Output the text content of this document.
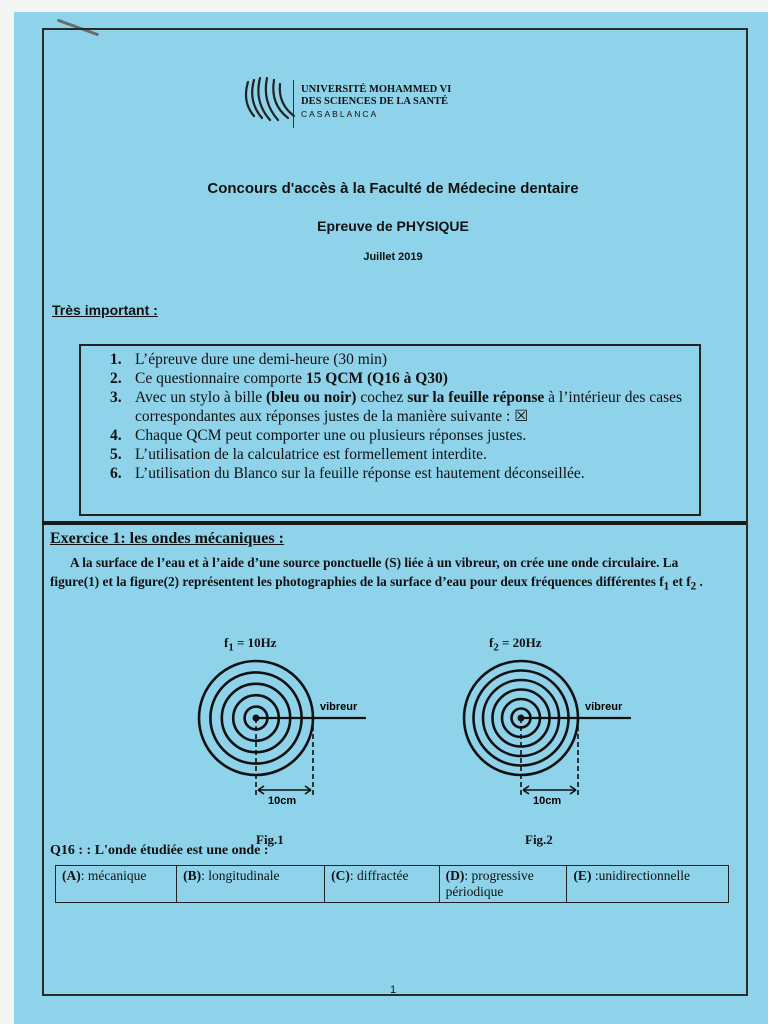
UNIVERSITÉ MOHAMMED VI
DES SCIENCES DE LA SANTÉ
CASABLANCA
Concours d'accès à la Faculté de Médecine dentaire
Epreuve de PHYSIQUE
Juillet 2019
Très important :
1. L’épreuve dure une demi-heure (30 min)
2. Ce questionnaire comporte 15 QCM (Q16 à Q30)
3. Avec un stylo à bille (bleu ou noir) cochez sur la feuille réponse à l’intérieur des cases correspondantes aux réponses justes de la manière suivante : ☒
4. Chaque QCM peut comporter une ou plusieurs réponses justes.
5. L’utilisation de la calculatrice est formellement interdite.
6. L’utilisation du Blanco sur la feuille réponse est hautement déconseillée.
Exercice 1: les ondes mécaniques :
A la surface de l’eau et à l’aide d’une source ponctuelle (S) liée à un vibreur, on crée une onde circulaire. La figure(1) et la figure(2) représentent les photographies de la surface d’eau pour deux fréquences différentes $f_1$ et $f_2$ .
$f_1 = 10Hz$
vibreur
10cm
Fig.1
$f_2 = 20Hz$
vibreur
10cm
Fig.2
Q16 : : L'onde étudiée est une onde :
(A): mécanique	(B): longitudinale	(C): diffractée	(D): progressive périodique	(E) :unidirectionnelle
1
